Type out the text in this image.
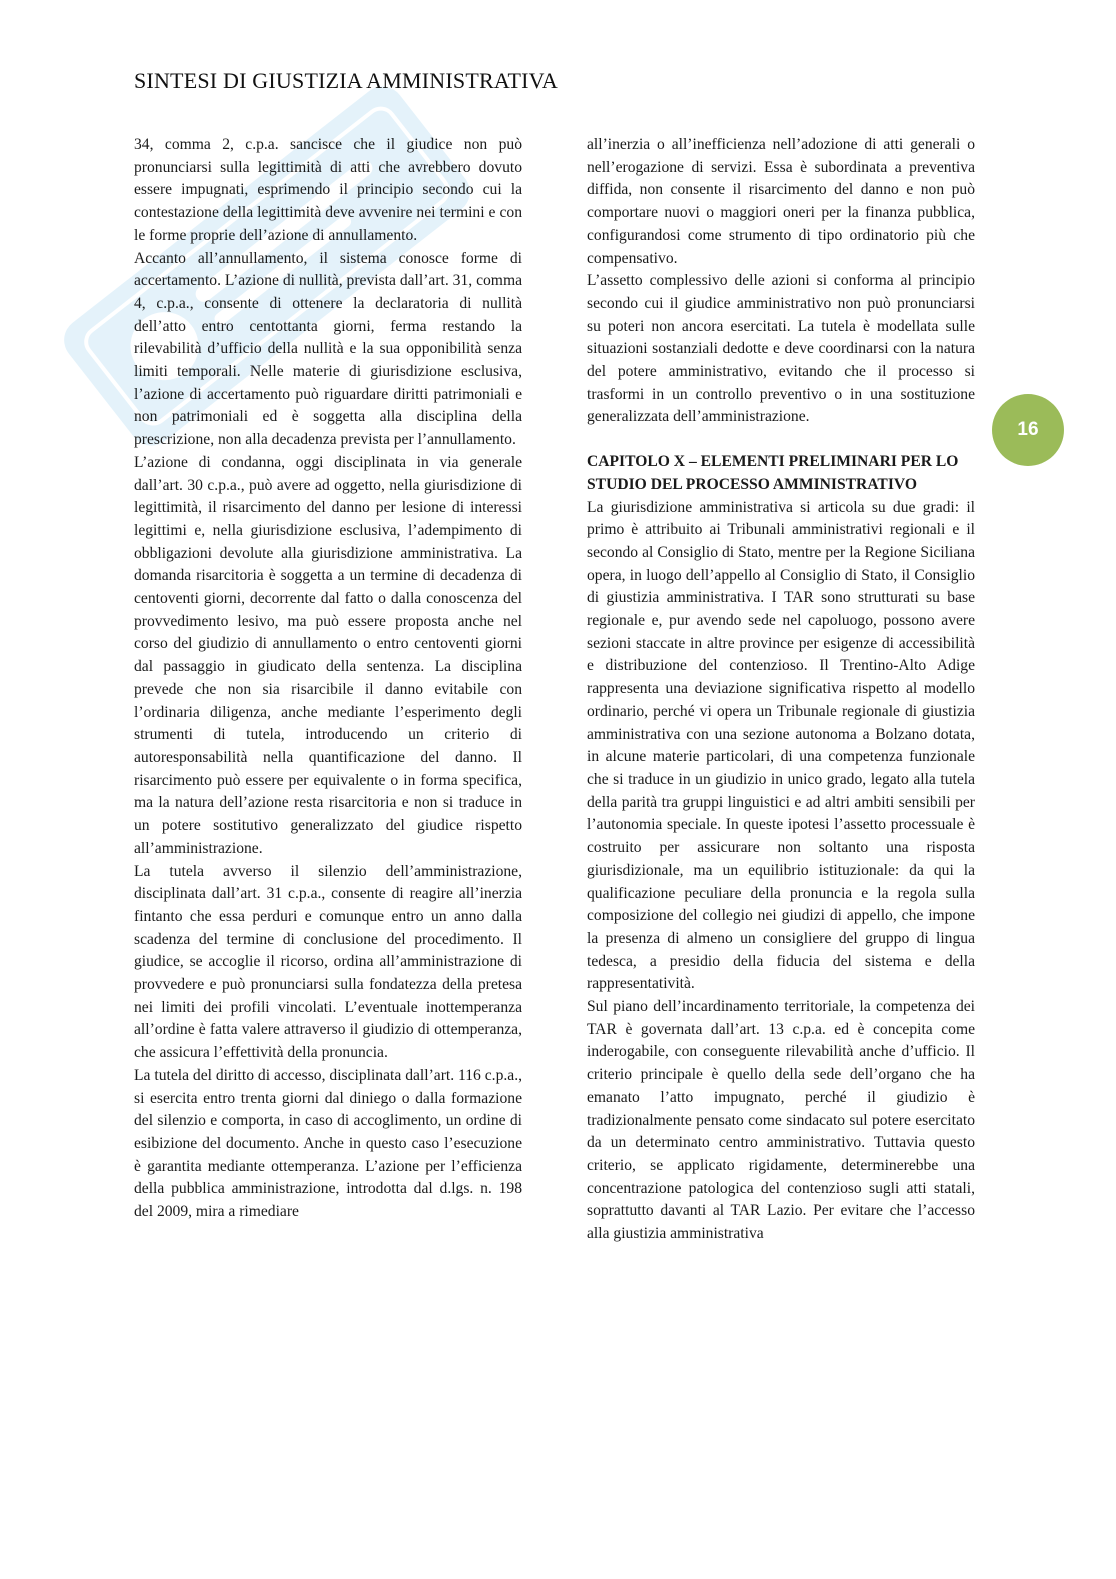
SINTESI DI GIUSTIZIA AMMINISTRATIVA

34, comma 2, c.p.a. sancisce che il giudice non può pronunciarsi sulla legittimità di atti che avrebbero dovuto essere impugnati, esprimendo il principio secondo cui la contestazione della legittimità deve avvenire nei termini e con le forme proprie dell’azione di annullamento.

Accanto all’annullamento, il sistema conosce forme di accertamento. L’azione di nullità, prevista dall’art. 31, comma 4, c.p.a., consente di ottenere la declaratoria di nullità dell’atto entro centottanta giorni, ferma restando la rilevabilità d’ufficio della nullità e la sua opponibilità senza limiti temporali. Nelle materie di giurisdizione esclusiva, l’azione di accertamento può riguardare diritti patrimoniali e non patrimoniali ed è soggetta alla disciplina della prescrizione, non alla decadenza prevista per l’annullamento.

L’azione di condanna, oggi disciplinata in via generale dall’art. 30 c.p.a., può avere ad oggetto, nella giurisdizione di legittimità, il risarcimento del danno per lesione di interessi legittimi e, nella giurisdizione esclusiva, l’adempimento di obbligazioni devolute alla giurisdizione amministrativa. La domanda risarcitoria è soggetta a un termine di decadenza di centoventi giorni, decorrente dal fatto o dalla conoscenza del provvedimento lesivo, ma può essere proposta anche nel corso del giudizio di annullamento o entro centoventi giorni dal passaggio in giudicato della sentenza. La disciplina prevede che non sia risarcibile il danno evitabile con l’ordinaria diligenza, anche mediante l’esperimento degli strumenti di tutela, introducendo un criterio di autoresponsabilità nella quantificazione del danno. Il risarcimento può essere per equivalente o in forma specifica, ma la natura dell’azione resta risarcitoria e non si traduce in un potere sostitutivo generalizzato del giudice rispetto all’amministrazione.

La tutela avverso il silenzio dell’amministrazione, disciplinata dall’art. 31 c.p.a., consente di reagire all’inerzia fintanto che essa perduri e comunque entro un anno dalla scadenza del termine di conclusione del procedimento. Il giudice, se accoglie il ricorso, ordina all’amministrazione di provvedere e può pronunciarsi sulla fondatezza della pretesa nei limiti dei profili vincolati. L’eventuale inottemperanza all’ordine è fatta valere attraverso il giudizio di ottemperanza, che assicura l’effettività della pronuncia.

La tutela del diritto di accesso, disciplinata dall’art. 116 c.p.a., si esercita entro trenta giorni dal diniego o dalla formazione del silenzio e comporta, in caso di accoglimento, un ordine di esibizione del documento. Anche in questo caso l’esecuzione è garantita mediante ottemperanza. L’azione per l’efficienza della pubblica amministrazione, introdotta dal d.lgs. n. 198 del 2009, mira a rimediare

all’inerzia o all’inefficienza nell’adozione di atti generali o nell’erogazione di servizi. Essa è subordinata a preventiva diffida, non consente il risarcimento del danno e non può comportare nuovi o maggiori oneri per la finanza pubblica, configurandosi come strumento di tipo ordinatorio più che compensativo.

L’assetto complessivo delle azioni si conforma al principio secondo cui il giudice amministrativo non può pronunciarsi su poteri non ancora esercitati. La tutela è modellata sulle situazioni sostanziali dedotte e deve coordinarsi con la natura del potere amministrativo, evitando che il processo si trasformi in un controllo preventivo o in una sostituzione generalizzata dell’amministrazione.

CAPITOLO X – ELEMENTI PRELIMINARI PER LO STUDIO DEL PROCESSO AMMINISTRATIVO

La giurisdizione amministrativa si articola su due gradi: il primo è attribuito ai Tribunali amministrativi regionali e il secondo al Consiglio di Stato, mentre per la Regione Siciliana opera, in luogo dell’appello al Consiglio di Stato, il Consiglio di giustizia amministrativa. I TAR sono strutturati su base regionale e, pur avendo sede nel capoluogo, possono avere sezioni staccate in altre province per esigenze di accessibilità e distribuzione del contenzioso. Il Trentino-Alto Adige rappresenta una deviazione significativa rispetto al modello ordinario, perché vi opera un Tribunale regionale di giustizia amministrativa con una sezione autonoma a Bolzano dotata, in alcune materie particolari, di una competenza funzionale che si traduce in un giudizio in unico grado, legato alla tutela della parità tra gruppi linguistici e ad altri ambiti sensibili per l’autonomia speciale. In queste ipotesi l’assetto processuale è costruito per assicurare non soltanto una risposta giurisdizionale, ma un equilibrio istituzionale: da qui la qualificazione peculiare della pronuncia e la regola sulla composizione del collegio nei giudizi di appello, che impone la presenza di almeno un consigliere del gruppo di lingua tedesca, a presidio della fiducia del sistema e della rappresentatività.

Sul piano dell’incardinamento territoriale, la competenza dei TAR è governata dall’art. 13 c.p.a. ed è concepita come inderogabile, con conseguente rilevabilità anche d’ufficio. Il criterio principale è quello della sede dell’organo che ha emanato l’atto impugnato, perché il giudizio è tradizionalmente pensato come sindacato sul potere esercitato da un determinato centro amministrativo. Tuttavia questo criterio, se applicato rigidamente, determinerebbe una concentrazione patologica del contenzioso sugli atti statali, soprattutto davanti al TAR Lazio. Per evitare che l’accesso alla giustizia amministrativa

16
